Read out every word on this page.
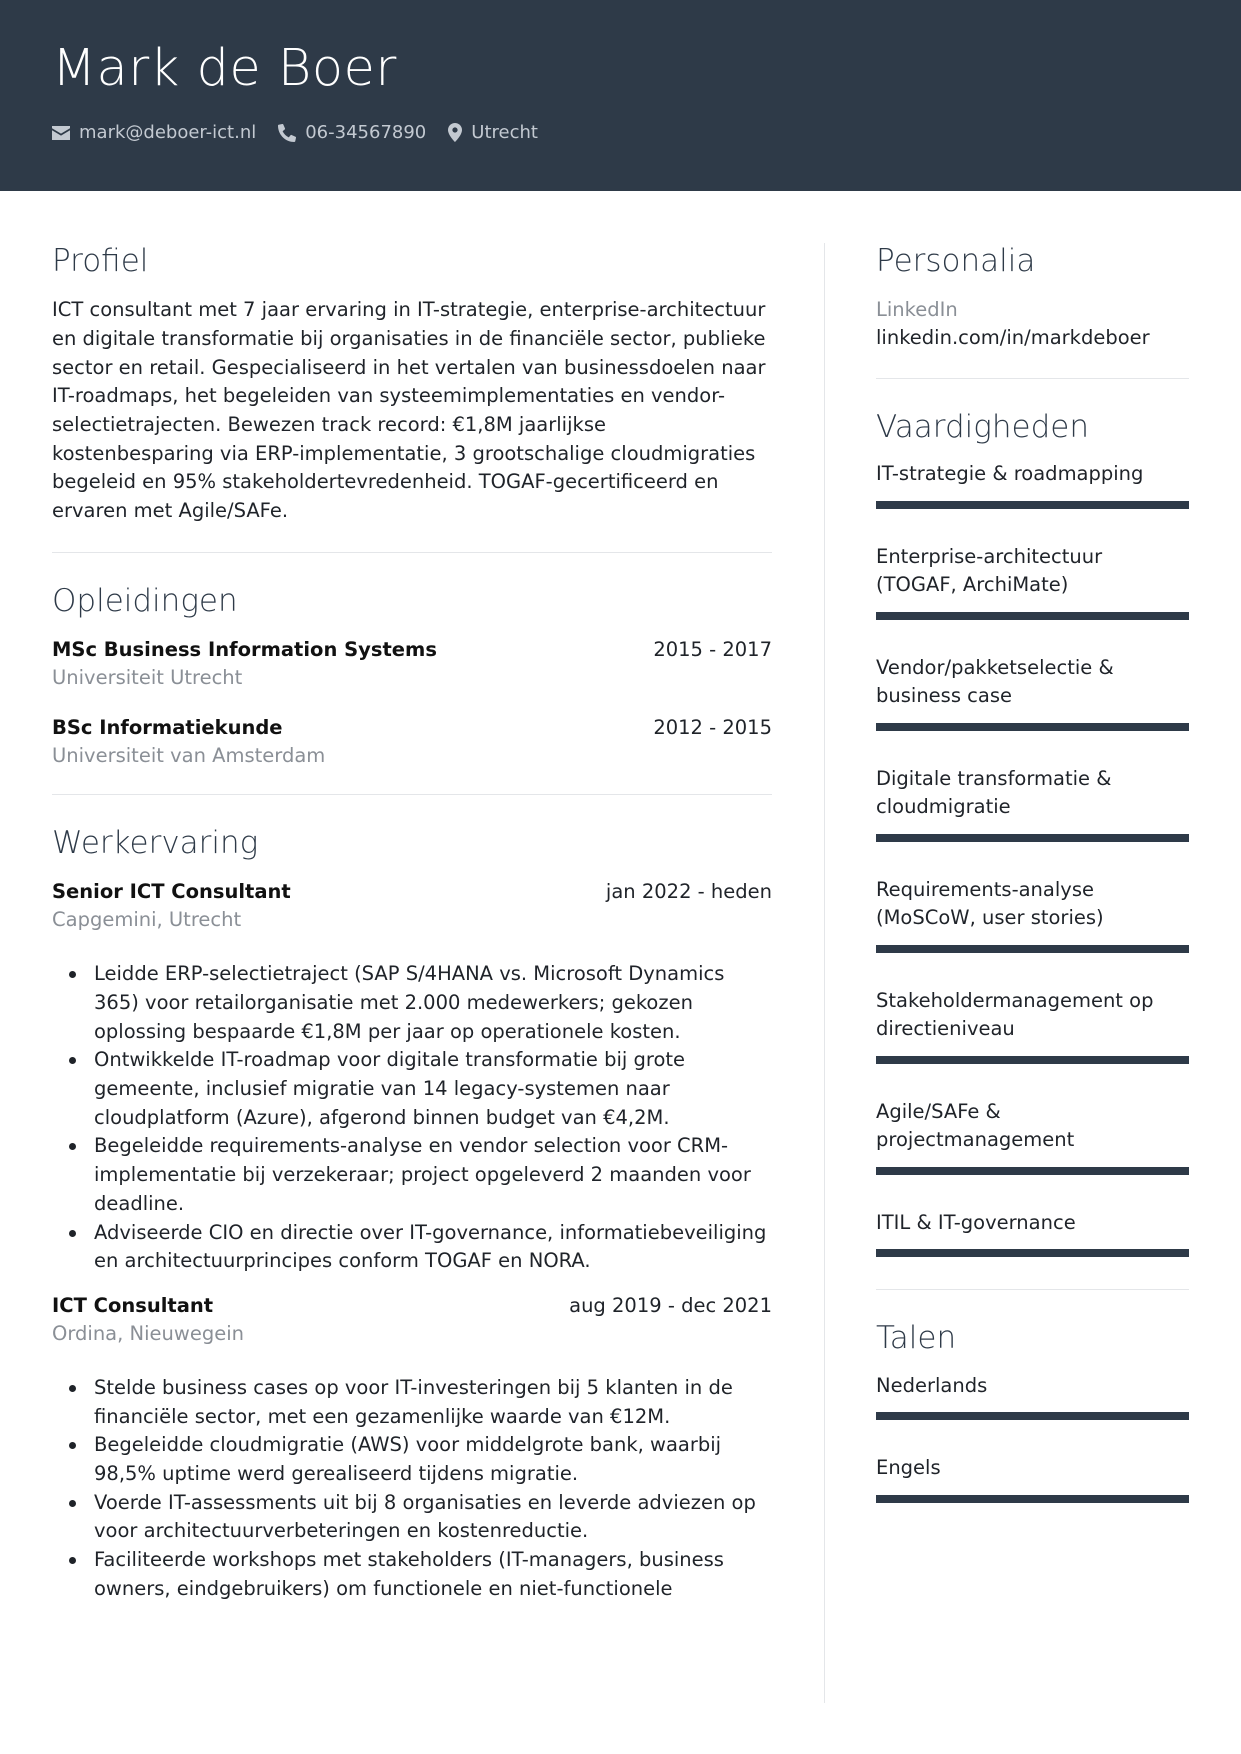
Mark de Boer
mark@deboer-ict.nl	06-34567890	Utrecht
Profiel

ICT consultant met 7 jaar ervaring in IT-strategie, enterprise-architectuur en digitale transformatie bij organisaties in de financiële sector, publieke sector en retail. Gespecialiseerd in het vertalen van businessdoelen naar IT-roadmaps, het begeleiden van systeemimplementaties en vendor-selectietrajecten. Bewezen track record: €1,8M jaarlijkse kostenbesparing via ERP-implementatie, 3 grootschalige cloudmigraties begeleid en 95% stakeholdertevredenheid. TOGAF-gecertificeerd en ervaren met Agile/SAFe.

Opleidingen
MSc Business Information Systems	2015 - 2017
Universiteit Utrecht
BSc Informatiekunde	2012 - 2015
Universiteit van Amsterdam
Werkervaring
Senior ICT Consultant	jan 2022 - heden
Capgemini, Utrecht
Leidde ERP-selectietraject (SAP S/4HANA vs. Microsoft Dynamics 365) voor retailorganisatie met 2.000 medewerkers; gekozen oplossing bespaarde €1,8M per jaar op operationele kosten.
Ontwikkelde IT-roadmap voor digitale transformatie bij grote gemeente, inclusief migratie van 14 legacy-systemen naar cloudplatform (Azure), afgerond binnen budget van €4,2M.
Begeleidde requirements-analyse en vendor selection voor CRM-implementatie bij verzekeraar; project opgeleverd 2 maanden voor deadline.
Adviseerde CIO en directie over IT-governance, informatiebeveiliging en architectuurprincipes conform TOGAF en NORA.
ICT Consultant	aug 2019 - dec 2021
Ordina, Nieuwegein
Stelde business cases op voor IT-investeringen bij 5 klanten in de financiële sector, met een gezamenlijke waarde van €12M.
Begeleidde cloudmigratie (AWS) voor middelgrote bank, waarbij 98,5% uptime werd gerealiseerd tijdens migratie.
Voerde IT-assessments uit bij 8 organisaties en leverde adviezen op voor architectuurverbeteringen en kostenreductie.
Faciliteerde workshops met stakeholders (IT-managers, business owners, eindgebruikers) om functionele en niet-functionele
Personalia
LinkedIn
linkedin.com/in/markdeboer
Vaardigheden
IT-strategie & roadmapping
Enterprise-architectuur (TOGAF, ArchiMate)
Vendor/pakketselectie & business case
Digitale transformatie & cloudmigratie
Requirements-analyse (MoSCoW, user stories)
Stakeholdermanagement op directieniveau
Agile/SAFe & projectmanagement
ITIL & IT-governance
Talen
Nederlands
Engels
